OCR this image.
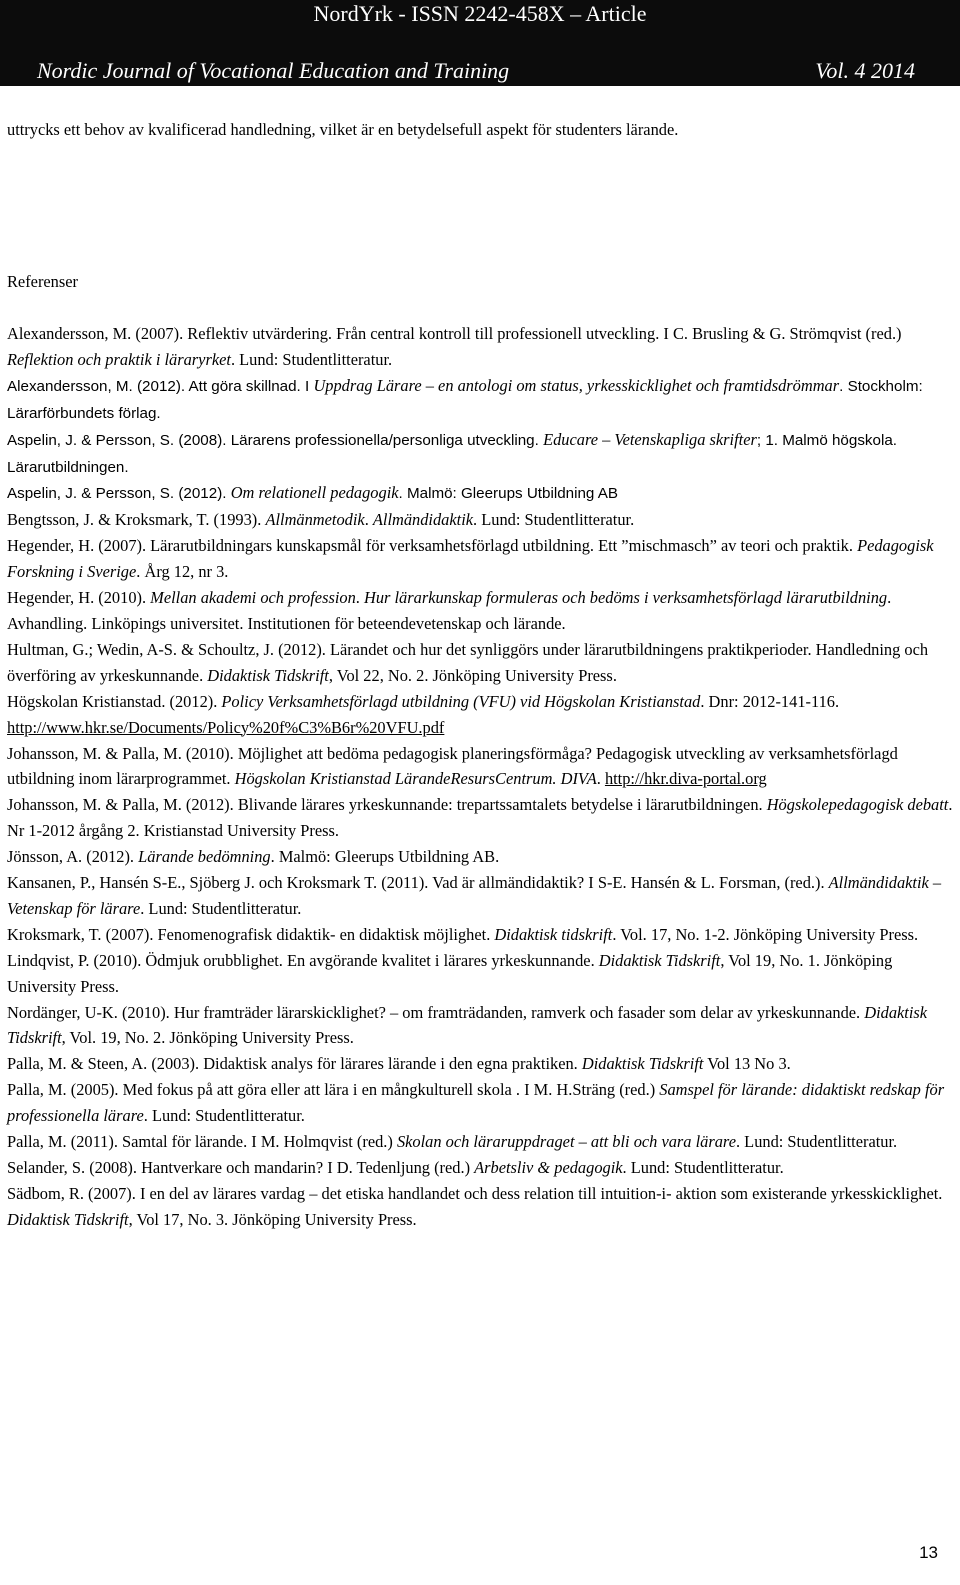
NordYrk - ISSN 2242-458X – Article
Nordic Journal of Vocational Education and Training	Vol. 4 2014

uttrycks ett behov av kvalificerad handledning, vilket är en betydelsefull aspekt för studenters lärande.

Referenser

Alexandersson, M. (2007). Reflektiv utvärdering. Från central kontroll till professionell utveckling. I C. Brusling & G. Strömqvist (red.) Reflektion och praktik i läraryrket. Lund: Studentlitteratur.

Alexandersson, M. (2012). Att göra skillnad. I Uppdrag Lärare – en antologi om status, yrkesskicklighet och framtidsdrömmar. Stockholm: Lärarförbundets förlag.

Aspelin, J. & Persson, S. (2008). Lärarens professionella/personliga utveckling. Educare – Vetenskapliga skrifter; 1. Malmö högskola. Lärarutbildningen.

Aspelin, J. & Persson, S. (2012). Om relationell pedagogik. Malmö: Gleerups Utbildning AB

Bengtsson, J. & Kroksmark, T. (1993). Allmänmetodik. Allmändidaktik. Lund: Studentlitteratur.

Hegender, H. (2007). Lärarutbildningars kunskapsmål för verksamhetsförlagd utbildning. Ett ”mischmasch” av teori och praktik. Pedagogisk Forskning i Sverige. Årg 12, nr 3.

Hegender, H. (2010). Mellan akademi och profession. Hur lärarkunskap formuleras och bedöms i verksamhetsförlagd lärarutbildning. Avhandling. Linköpings universitet. Institutionen för beteendevetenskap och lärande.

Hultman, G.; Wedin, A-S. & Schoultz, J. (2012). Lärandet och hur det synliggörs under lärarutbildningens praktikperioder. Handledning och överföring av yrkeskunnande. Didaktisk Tidskrift, Vol 22, No. 2. Jönköping University Press.

Högskolan Kristianstad. (2012). Policy Verksamhetsförlagd utbildning (VFU) vid Högskolan Kristianstad. Dnr: 2012-141-116. http://www.hkr.se/Documents/Policy%20f%C3%B6r%20VFU.pdf

Johansson, M. & Palla, M. (2010). Möjlighet att bedöma pedagogisk planeringsförmåga? Pedagogisk utveckling av verksamhetsförlagd utbildning inom lärarprogrammet. Högskolan Kristianstad LärandeResursCentrum. DIVA. http://hkr.diva-portal.org

Johansson, M. & Palla, M. (2012). Blivande lärares yrkeskunnande: trepartssamtalets betydelse i lärarutbildningen. Högskolepedagogisk debatt. Nr 1-2012 årgång 2. Kristianstad University Press.

Jönsson, A. (2012). Lärande bedömning. Malmö: Gleerups Utbildning AB.

Kansanen, P., Hansén S-E., Sjöberg J. och Kroksmark T. (2011). Vad är allmändidaktik? I S-E. Hansén & L. Forsman, (red.). Allmändidaktik – Vetenskap för lärare. Lund: Studentlitteratur.

Kroksmark, T. (2007). Fenomenografisk didaktik- en didaktisk möjlighet. Didaktisk tidskrift. Vol. 17, No. 1-2. Jönköping University Press.

Lindqvist, P. (2010). Ödmjuk orubblighet. En avgörande kvalitet i lärares yrkeskunnande. Didaktisk Tidskrift, Vol 19, No. 1. Jönköping University Press.

Nordänger, U-K. (2010). Hur framträder lärarskicklighet? – om framträdanden, ramverk och fasader som delar av yrkeskunnande. Didaktisk Tidskrift, Vol. 19, No. 2. Jönköping University Press.

Palla, M. & Steen, A. (2003). Didaktisk analys för lärares lärande i den egna praktiken. Didaktisk Tidskrift Vol 13 No 3.

Palla, M. (2005). Med fokus på att göra eller att lära i en mångkulturell skola . I M. H.Sträng (red.) Samspel för lärande: didaktiskt redskap för professionella lärare. Lund: Studentlitteratur.

Palla, M. (2011). Samtal för lärande. I M. Holmqvist (red.) Skolan och läraruppdraget – att bli och vara lärare. Lund: Studentlitteratur.

Selander, S. (2008). Hantverkare och mandarin? I D. Tedenljung (red.) Arbetsliv & pedagogik. Lund: Studentlitteratur.

Sädbom, R. (2007). I en del av lärares vardag – det etiska handlandet och dess relation till intuition-i- aktion som existerande yrkesskicklighet. Didaktisk Tidskrift, Vol 17, No. 3. Jönköping University Press.

13
